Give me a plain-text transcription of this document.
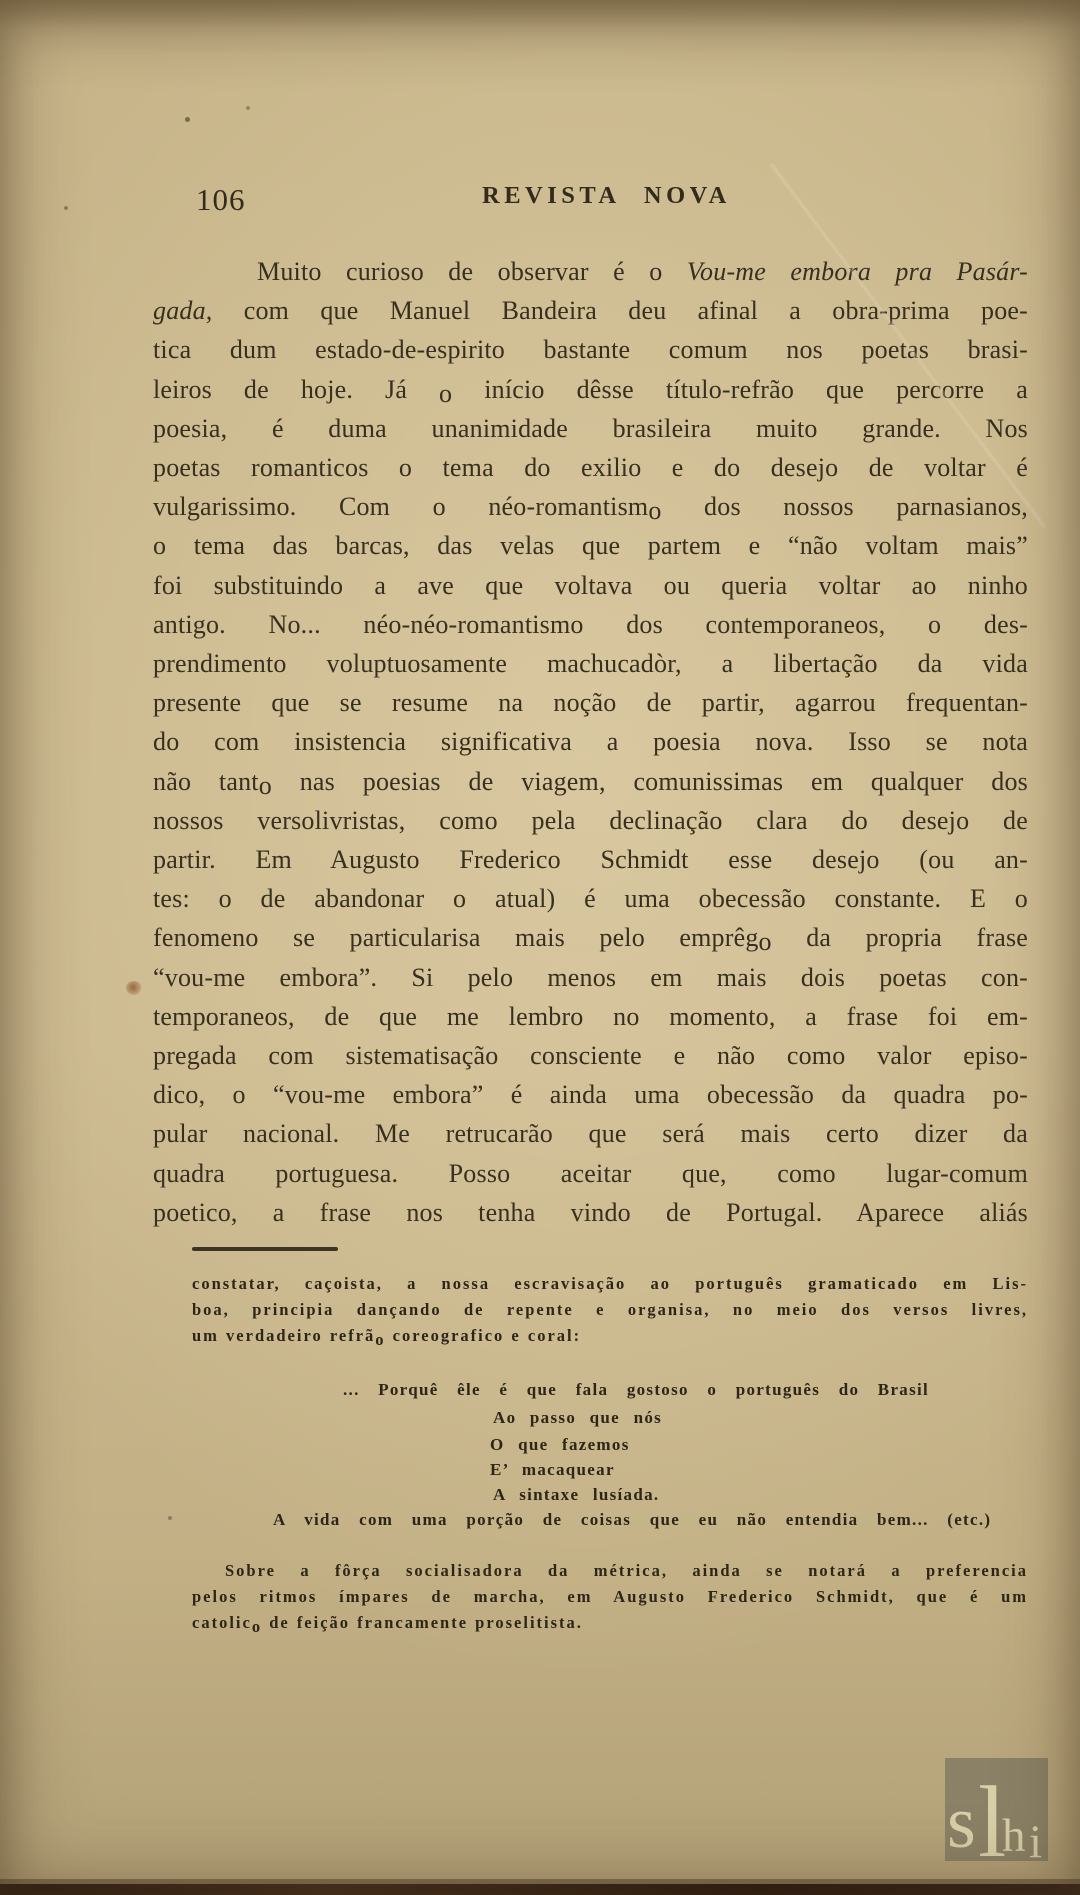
106	REVISTA NOVA
Muito curioso de observar é o Vou-me embora pra Pasár-
gada, com que Manuel Bandeira deu afinal a obra-prima poe-
tica dum estado-de-espirito bastante comum nos poetas brasi-
leiros de hoje. Já o início dêsse título-refrão que percorre a
poesia, é duma unanimidade brasileira muito grande. Nos
poetas romanticos o tema do exilio e do desejo de voltar é
vulgarissimo. Com o néo-romantismo dos nossos parnasianos,
o tema das barcas, das velas que partem e “não voltam mais”
foi substituindo a ave que voltava ou queria voltar ao ninho
antigo. No... néo-néo-romantismo dos contemporaneos, o des-
prendimento voluptuosamente machucadòr, a libertação da vida
presente que se resume na noção de partir, agarrou frequentan-
do com insistencia significativa a poesia nova. Isso se nota
não tanto nas poesias de viagem, comunissimas em qualquer dos
nossos versolivristas, como pela declinação clara do desejo de
partir. Em Augusto Frederico Schmidt esse desejo (ou an-
tes: o de abandonar o atual) é uma obecessão constante. E o
fenomeno se particularisa mais pelo emprêgo da propria frase
“vou-me embora”. Si pelo menos em mais dois poetas con-
temporaneos, de que me lembro no momento, a frase foi em-
pregada com sistematisação consciente e não como valor episo-
dico, o “vou-me embora” é ainda uma obecessão da quadra po-
pular nacional. Me retrucarão que será mais certo dizer da
quadra portuguesa. Posso aceitar que, como lugar-comum
poetico, a frase nos tenha vindo de Portugal. Aparece aliás
constatar, caçoista, a nossa escravisação ao português gramaticado em Lis-
boa, principia dançando de repente e organisa, no meio dos versos livres,
um verdadeiro refrão coreografico e coral:
... Porquê êle é que fala gostoso o português do Brasil
Ao passo que nós
O que fazemos
E’ macaquear
A sintaxe lusíada.
A vida com uma porção de coisas que eu não entendia bem... (etc.)
Sobre a fôrça socialisadora da métrica, ainda se notará a preferencia
pelos ritmos ímpares de marcha, em Augusto Frederico Schmidt, que é um
catolico de feição francamente proselitista.
s l
h i
